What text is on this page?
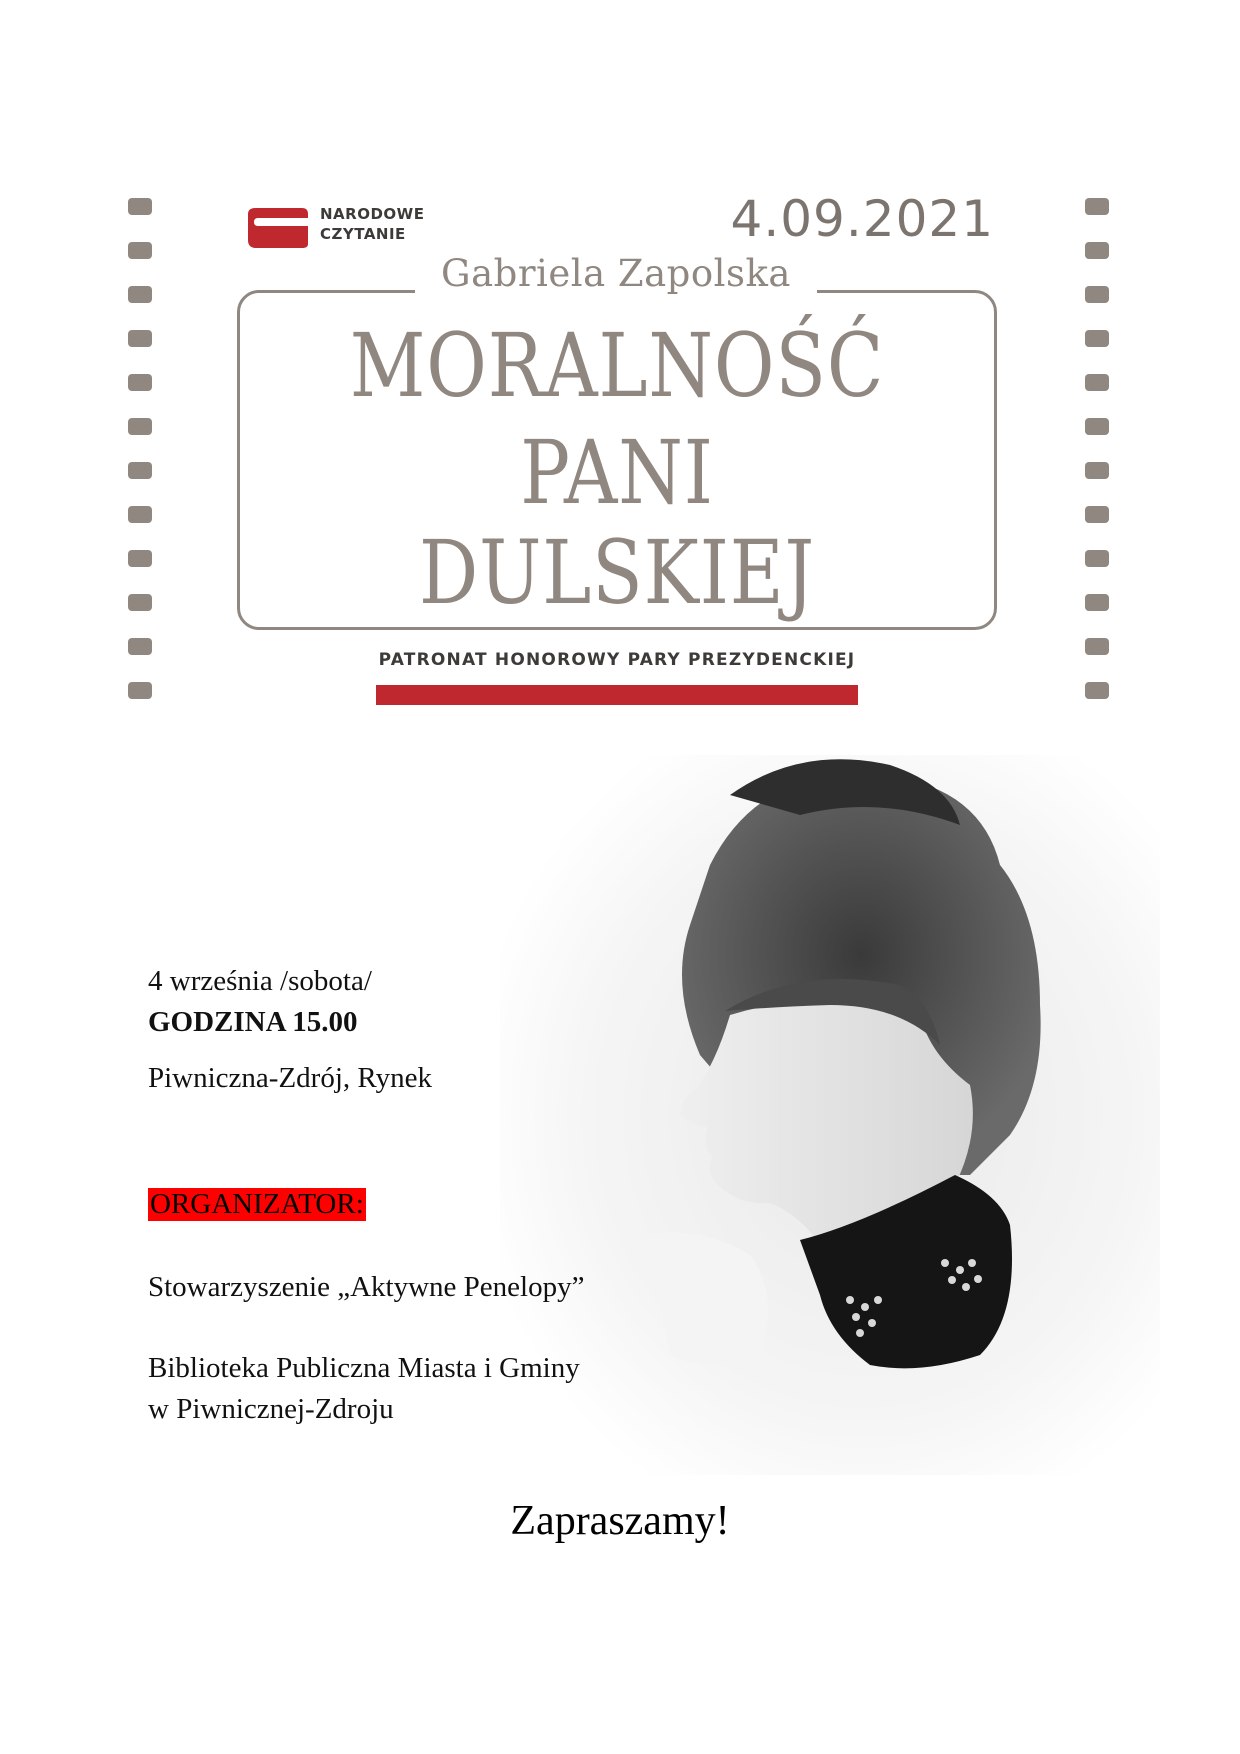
NARODOWE
CZYTANIE	4.09.2021
Gabriela Zapolska
MORALNOŚĆ
PANI
DULSKIEJ
PATRONAT HONOROWY PARY PREZYDENCKIEJ
4 września /sobota/
GODZINA 15.00
Piwniczna-Zdrój, Rynek
ORGANIZATOR:
Stowarzyszenie „Aktywne Penelopy”
Biblioteka Publiczna Miasta i Gminy
w Piwnicznej-Zdroju
Zapraszamy!
